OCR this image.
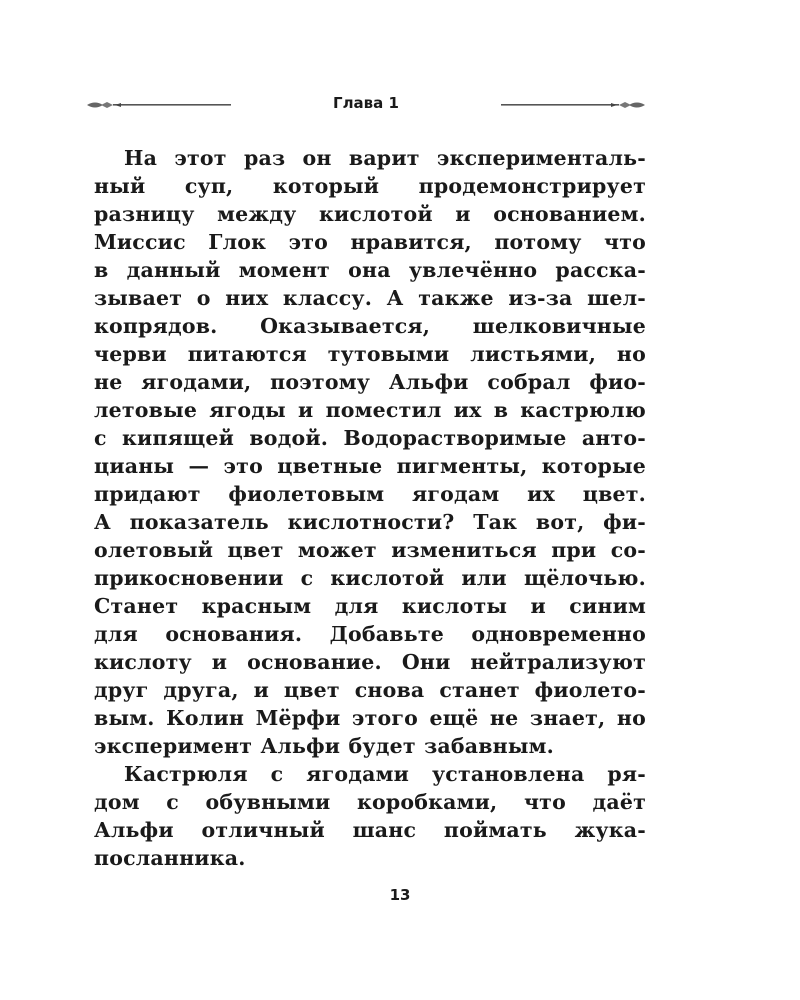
Глава 1

На этот раз он варит эксперименталь-
ный суп, который продемонстрирует
разницу между кислотой и основанием.
Миссис Глок это нравится, потому что
в данный момент она увлечённо расска-
зывает о них классу. А также из-за шел-
копрядов. Оказывается, шелковичные
черви питаются тутовыми листьями, но
не ягодами, поэтому Альфи собрал фио-
летовые ягоды и поместил их в кастрюлю
с кипящей водой. Водорастворимые анто-
цианы — это цветные пигменты, которые
придают фиолетовым ягодам их цвет.
А показатель кислотности? Так вот, фи-
олетовый цвет может измениться при со-
прикосновении с кислотой или щёлочью.
Станет красным для кислоты и синим
для основания. Добавьте одновременно
кислоту и основание. Они нейтрализуют
друг друга, и цвет снова станет фиолето-
вым. Колин Мёрфи этого ещё не знает, но
эксперимент Альфи будет забавным.

Кастрюля с ягодами установлена ря-
дом с обувными коробками, что даёт
Альфи отличный шанс поймать жука-
посланника.

13
